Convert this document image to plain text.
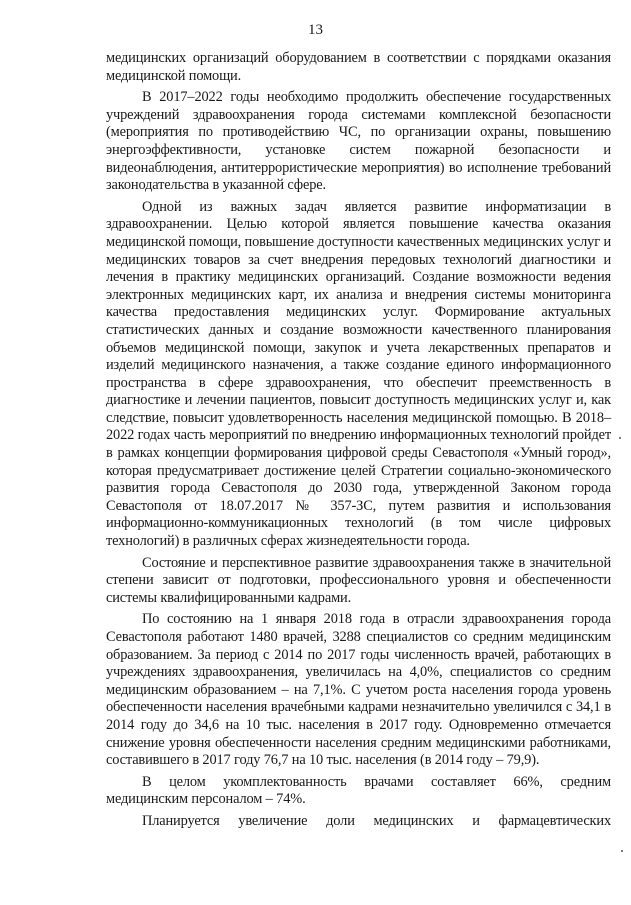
13

медицинских организаций оборудованием в соответствии с порядками оказания медицинской помощи.

В 2017–2022 годы необходимо продолжить обеспечение государственных учреждений здравоохранения города системами комплексной безопасности (мероприятия по противодействию ЧС, по организации охраны, повышению энергоэффективности, установке систем пожарной безопасности и видеонаблюдения, антитеррористические мероприятия) во исполнение требований законодательства в указанной сфере.

Одной из важных задач является развитие информатизации в здравоохранении. Целью которой является повышение качества оказания медицинской помощи, повышение доступности качественных медицинских услуг и медицинских товаров за счет внедрения передовых технологий диагностики и лечения в практику медицинских организаций. Создание возможности ведения электронных медицинских карт, их анализа и внедрения системы мониторинга качества предоставления медицинских услуг. Формирование актуальных статистических данных и создание возможности качественного планирования объемов медицинской помощи, закупок и учета лекарственных препаратов и изделий медицинского назначения, а также создание единого информационного пространства в сфере здравоохранения, что обеспечит преемственность в диагностике и лечении пациентов, повысит доступность медицинских услуг и, как следствие, повысит удовлетворенность населения медицинской помощью. В 2018–2022 годах часть мероприятий по внедрению информационных технологий пройдет в рамках концепции формирования цифровой среды Севастополя «Умный город», которая предусматривает достижение целей Стратегии социально-экономического развития города Севастополя до 2030 года, утвержденной Законом города Севастополя от 18.07.2017 № 357-ЗС, путем развития и использования информационно-коммуникационных технологий (в том числе цифровых технологий) в различных сферах жизнедеятельности города.

Состояние и перспективное развитие здравоохранения также в значительной степени зависит от подготовки, профессионального уровня и обеспеченности системы квалифицированными кадрами.

По состоянию на 1 января 2018 года в отрасли здравоохранения города Севастополя работают 1480 врачей, 3288 специалистов со средним медицинским образованием. За период с 2014 по 2017 годы численность врачей, работающих в учреждениях здравоохранения, увеличилась на 4,0%, специалистов со средним медицинским образованием – на 7,1%. С учетом роста населения города уровень обеспеченности населения врачебными кадрами незначительно увеличился с 34,1 в 2014 году до 34,6 на 10 тыс. населения в 2017 году. Одновременно отмечается снижение уровня обеспеченности населения средним медицинскими работниками, составившего в 2017 году 76,7 на 10 тыс. населения (в 2014 году – 79,9).

В целом укомплектованность врачами составляет 66%, средним медицинским персоналом – 74%.

Планируется увеличение доли медицинских и фармацевтических
